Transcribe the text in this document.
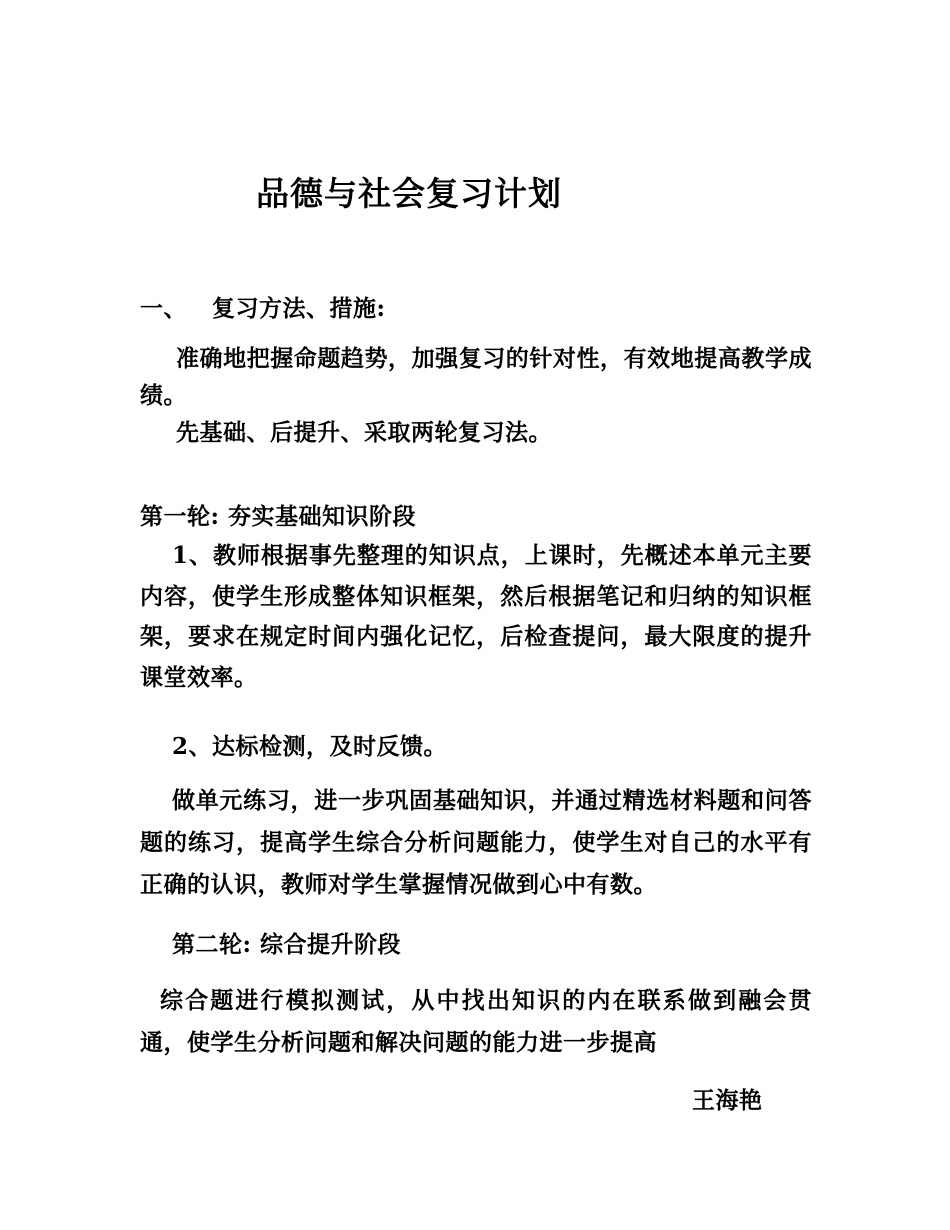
品德与社会复习计划
一、 复习方法、措施:
准确地把握命题趋势，加强复习的针对性，有效地提高教学成绩。
先基础、后提升、采取两轮复习法。
第一轮: 夯实基础知识阶段
1、教师根据事先整理的知识点，上课时，先概述本单元主要内容，使学生形成整体知识框架，然后根据笔记和归纳的知识框架，要求在规定时间内强化记忆，后检查提问，最大限度的提升课堂效率。
2、达标检测，及时反馈。
做单元练习，进一步巩固基础知识，并通过精选材料题和问答题的练习，提高学生综合分析问题能力，使学生对自己的水平有正确的认识，教师对学生掌握情况做到心中有数。
第二轮: 综合提升阶段
综合题进行模拟测试，从中找出知识的内在联系做到融会贯通，使学生分析问题和解决问题的能力进一步提高
王海艳
